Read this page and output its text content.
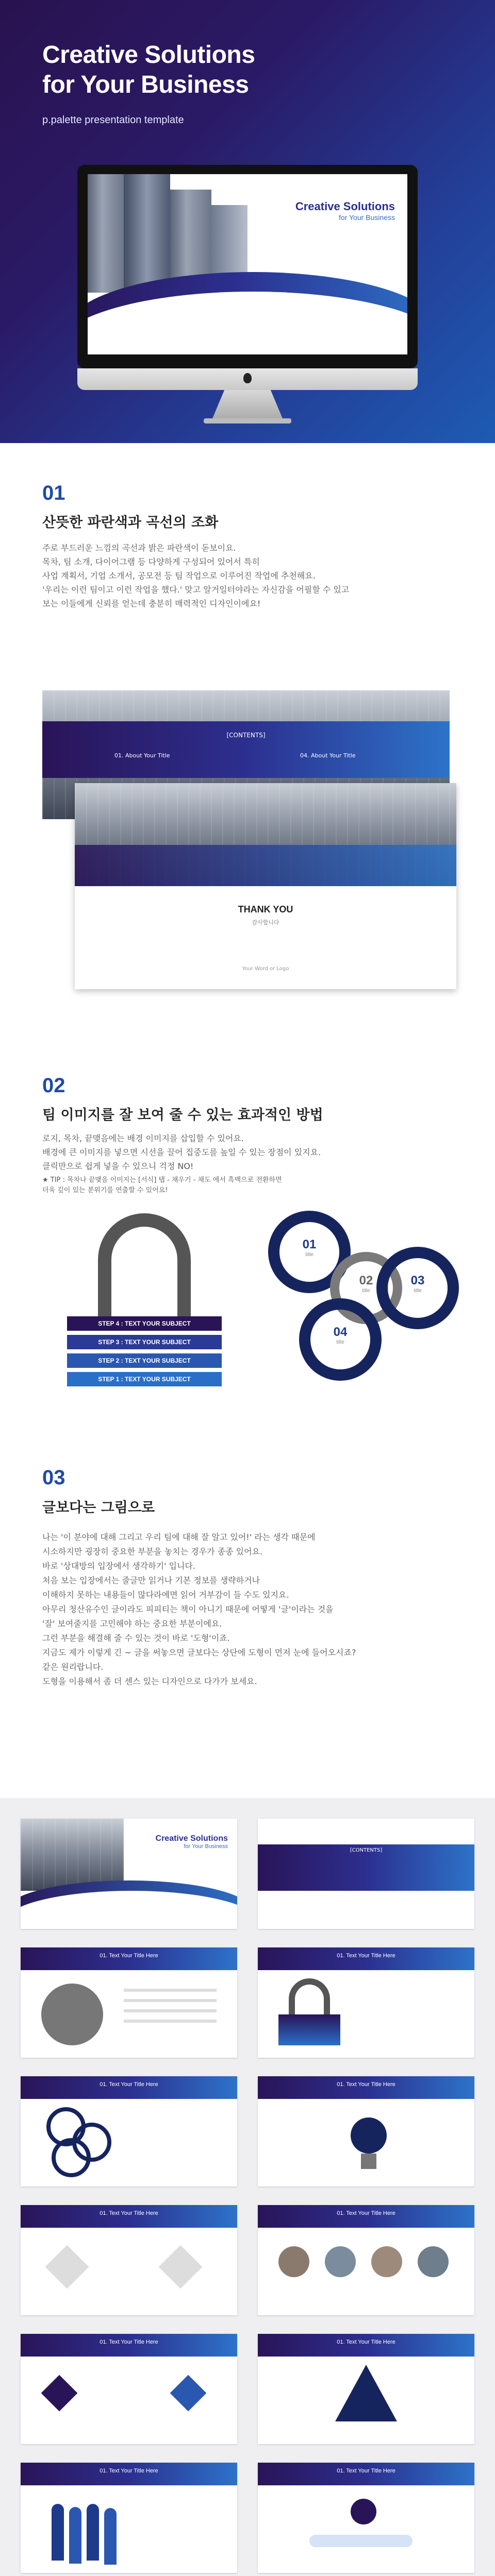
Creative Solutions
for Your Business
p.palette presentation template
Creative Solutions
for Your Business
01
산뜻한 파란색과 곡선의 조화
주로 부드러운 느낌의 곡선과 밝은 파란색이 돋보이요.
목차, 팀 소개, 다이어그램 등 다양하게 구성되어 있어서 특히
사업 계획서, 기업 소개서, 공모전 등 팀 작업으로 이루어진 작업에 추천해요.
'우리는 이런 팀이고 이런 작업을 했다.' 맞고 알거일터야라는 자신감을 어필할 수 있고
보는 이들에게 신뢰를 얻는데 충분히 매력적인 디자인이에요!
[CONTENTS]
01. About Your Title	04. About Your Title
THANK YOU
감사합니다
Your Word or Logo
02
팀 이미지를 잘 보여 줄 수 있는 효과적인 방법
로지, 목차, 끝맺음에는 배경 이미지를 삽입할 수 있어요.
배경에 큰 이미지를 넣으면 시선을 끌어 집중도를 높일 수 있는 장점이 있지요.
클릭만으로 쉽게 넣을 수 있으니 걱정 NO!
★ TIP : 목차나 끝맺음 이미지는 [서식] 탭 - 채우기 - 채도 에서 흑백으로 전환하면
더욱 깊이 있는 분위기를 연출할 수 있어요!
STEP 4 : TEXT YOUR SUBJECT
STEP 3 : TEXT YOUR SUBJECT
STEP 2 : TEXT YOUR SUBJECT
STEP 1 : TEXT YOUR SUBJECT
01
title
02
title
03
title
04
title
03
글보다는 그림으로
나는 '이 분야에 대해 그리고 우리 팀에 대해 잘 알고 있어!' 라는 생각 때문에
시소하지만 굉장히 중요한 부분을 놓치는 경우가 종종 있어요.
바로 '상대방의 입장에서 생각하기' 입니다.
처음 보는 입장에서는 줄글만 읽거나 기본 정보를 생략하거나
이해하지 못하는 내용들이 많다라에면 읽어 거부감이 들 수도 있지요.
아무리 청산유수인 글이라도 피피티는 책이 아니기 때문에 어떻게 '글'이라는 것을
'잘' 보여줄지를 고민해야 하는 중요한 부분이에요.
그런 부분을 해결해 줄 수 있는 것이 바로 '도형'이죠.
지금도 제가 이렇게 긴 ~ 글을 써놓으면 글보다는 상단에 도형이 먼저 눈에 들어오시죠?
같은 원리랍니다.
도형을 이용해서 좀 더 센스 있는 디자인으로 다가가 보세요.
Creative Solutions
for Your Business
[CONTENTS]
01. Text Your Title Here	01. Text Your Title Here
01. Text Your Title Here	01. Text Your Title Here
01. Text Your Title Here	01. Text Your Title Here
01. Text Your Title Here	01. Text Your Title Here
01. Text Your Title Here	01. Text Your Title Here
